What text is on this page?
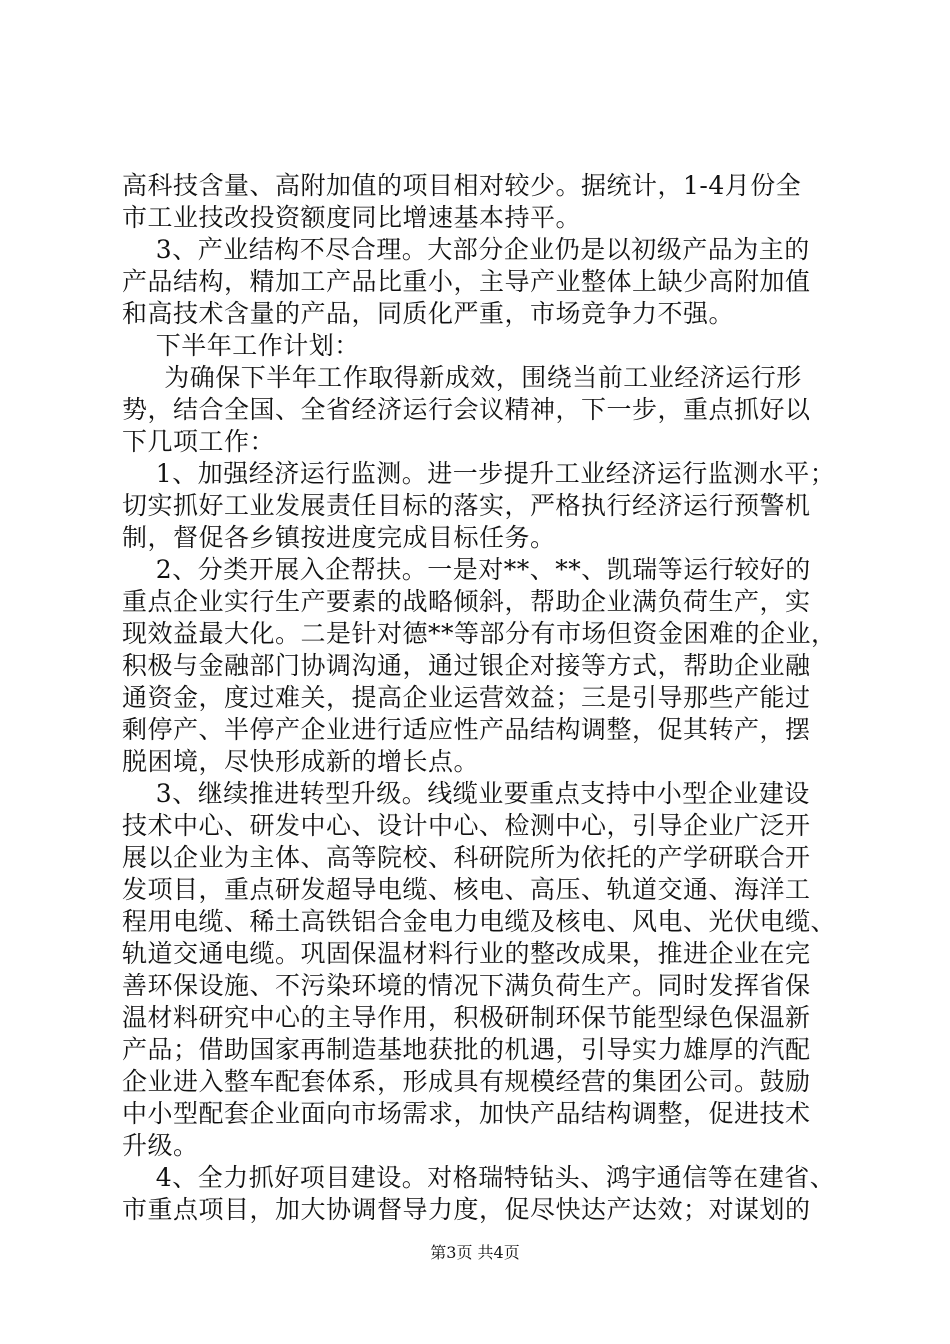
高科技含量、高附加值的项目相对较少。据统计，1-4月份全
市工业技改投资额度同比增速基本持平。

3、产业结构不尽合理。大部分企业仍是以初级产品为主的
产品结构，精加工产品比重小，主导产业整体上缺少高附加值
和高技术含量的产品，同质化严重，市场竞争力不强。

下半年工作计划：

为确保下半年工作取得新成效，围绕当前工业经济运行形
势，结合全国、全省经济运行会议精神，下一步，重点抓好以
下几项工作：

1、加强经济运行监测。进一步提升工业经济运行监测水平；
切实抓好工业发展责任目标的落实，严格执行经济运行预警机
制，督促各乡镇按进度完成目标任务。

2、分类开展入企帮扶。一是对**、**、凯瑞等运行较好的
重点企业实行生产要素的战略倾斜，帮助企业满负荷生产，实
现效益最大化。二是针对德**等部分有市场但资金困难的企业，
积极与金融部门协调沟通，通过银企对接等方式，帮助企业融
通资金，度过难关，提高企业运营效益；三是引导那些产能过
剩停产、半停产企业进行适应性产品结构调整，促其转产，摆
脱困境，尽快形成新的增长点。

3、继续推进转型升级。线缆业要重点支持中小型企业建设
技术中心、研发中心、设计中心、检测中心，引导企业广泛开
展以企业为主体、高等院校、科研院所为依托的产学研联合开
发项目，重点研发超导电缆、核电、高压、轨道交通、海洋工
程用电缆、稀土高铁铝合金电力电缆及核电、风电、光伏电缆、
轨道交通电缆。巩固保温材料行业的整改成果，推进企业在完
善环保设施、不污染环境的情况下满负荷生产。同时发挥省保
温材料研究中心的主导作用，积极研制环保节能型绿色保温新
产品；借助国家再制造基地获批的机遇，引导实力雄厚的汽配
企业进入整车配套体系，形成具有规模经营的集团公司。鼓励
中小型配套企业面向市场需求，加快产品结构调整，促进技术
升级。

4、全力抓好项目建设。对格瑞特钻头、鸿宇通信等在建省、
市重点项目，加大协调督导力度，促尽快达产达效；对谋划的

第3页 共4页
